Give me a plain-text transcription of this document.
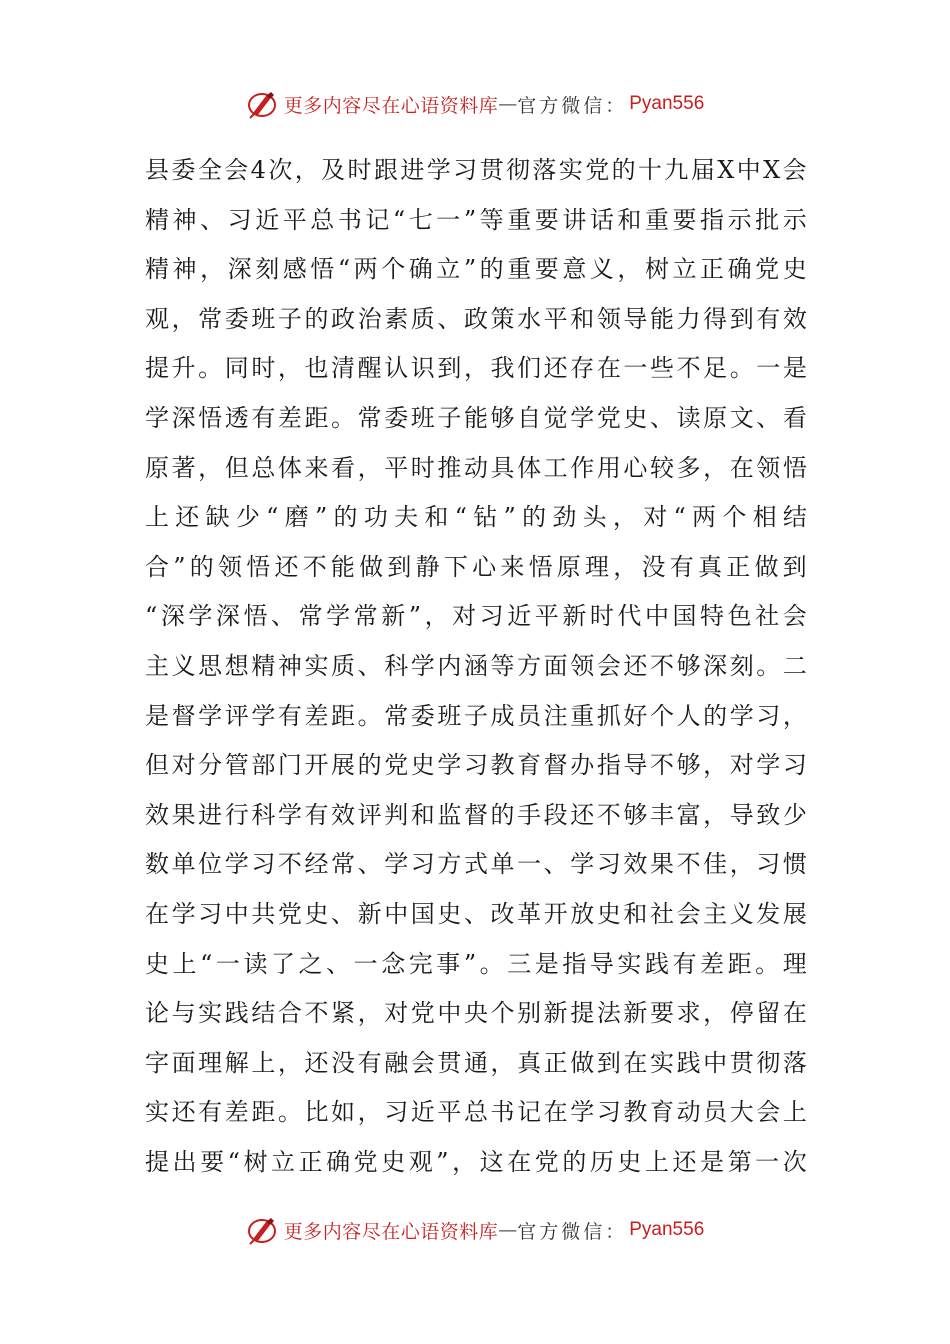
更多内容尽在心语资料库 — 官方微信： Pyan556
县 委 全 会 4 次 ， 及 时 跟 进 学 习 贯 彻 落 实 党 的 十 九 届 X 中 X 会
精 神 、 习 近 平 总 书 记 “ 七 一 ” 等 重 要 讲 话 和 重 要 指 示 批 示
精 神 ， 深 刻 感 悟 “ 两 个 确 立 ” 的 重 要 意 义 ， 树 立 正 确 党 史
观 ， 常 委 班 子 的 政 治 素 质 、 政 策 水 平 和 领 导 能 力 得 到 有 效
提 升 。 同 时 ， 也 清 醒 认 识 到 ， 我 们 还 存 在 一 些 不 足 。 一 是
学 深 悟 透 有 差 距 。 常 委 班 子 能 够 自 觉 学 党 史 、 读 原 文 、 看
原 著 ， 但 总 体 来 看 ， 平 时 推 动 具 体 工 作 用 心 较 多 ， 在 领 悟
上 还 缺 少 “ 磨 ” 的 功 夫 和 “ 钻 ” 的 劲 头 ， 对 “ 两 个 相 结
合 ” 的 领 悟 还 不 能 做 到 静 下 心 来 悟 原 理 ， 没 有 真 正 做 到
“ 深 学 深 悟 、 常 学 常 新 ” ， 对 习 近 平 新 时 代 中 国 特 色 社 会
主 义 思 想 精 神 实 质 、 科 学 内 涵 等 方 面 领 会 还 不 够 深 刻 。 二
是 督 学 评 学 有 差 距 。 常 委 班 子 成 员 注 重 抓 好 个 人 的 学 习 ，
但 对 分 管 部 门 开 展 的 党 史 学 习 教 育 督 办 指 导 不 够 ， 对 学 习
效 果 进 行 科 学 有 效 评 判 和 监 督 的 手 段 还 不 够 丰 富 ， 导 致 少
数 单 位 学 习 不 经 常 、 学 习 方 式 单 一 、 学 习 效 果 不 佳 ， 习 惯
在 学 习 中 共 党 史 、 新 中 国 史 、 改 革 开 放 史 和 社 会 主 义 发 展
史 上 “ 一 读 了 之 、 一 念 完 事 ” 。 三 是 指 导 实 践 有 差 距 。 理
论 与 实 践 结 合 不 紧 ， 对 党 中 央 个 别 新 提 法 新 要 求 ， 停 留 在
字 面 理 解 上 ， 还 没 有 融 会 贯 通 ， 真 正 做 到 在 实 践 中 贯 彻 落
实 还 有 差 距 。 比 如 ， 习 近 平 总 书 记 在 学 习 教 育 动 员 大 会 上
提 出 要 “ 树 立 正 确 党 史 观 ” ， 这 在 党 的 历 史 上 还 是 第 一 次
更多内容尽在心语资料库 — 官方微信： Pyan556
